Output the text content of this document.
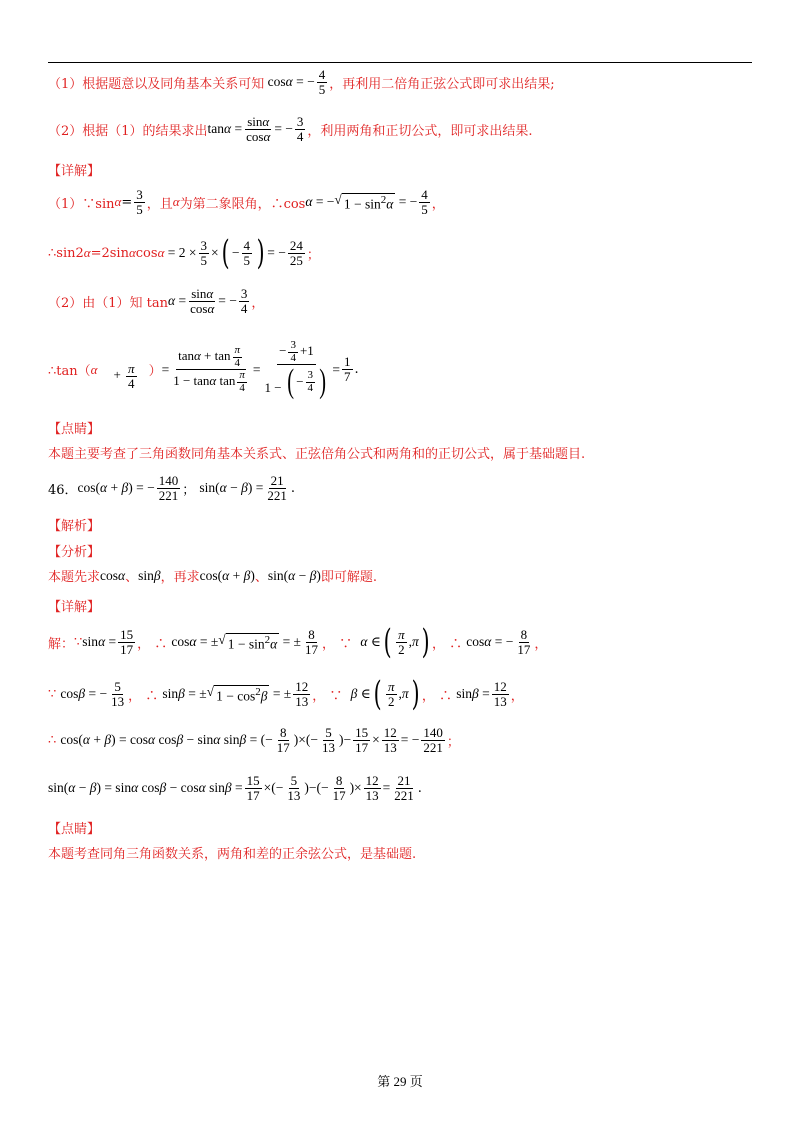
（1）根据题意以及同角基本关系可知 cosα = − $\frac{4}{5}$ ，再利用二倍角正弦公式即可求出结果;
（2）根据（1）的结果求出 $\tan\alpha = \frac{\sin\alpha}{\cos\alpha}$ = − $\frac{3}{4}$ ，利用两角和正切公式，即可求出结果.
【详解】
（1）∵sin $\alpha = \frac{3}{5}$ ，且 α 为第二象限角，∴cos α = − √ $1 - \sin^2\alpha$ = − $\frac{4}{5}$ ，
∴sin2 α =2sin α $\cos \alpha = 2 \times \frac{3}{5}$ × ( − $\frac{4}{5}$ ) = − $\frac{24}{25}$ ；
（2）由（1）知 $\tan \alpha = \frac{\sin\alpha}{\cos\alpha}$ = − $\frac{3}{4}$ ，
∴tan（ α
+ $\frac{\pi}{4}$ ） = $\frac{\tan\alpha + \tan \frac{\pi}{4}}{1 - \tan\alpha \tan \frac{\pi}{4}} = \frac{- \frac{3}{4} +1}{1 - ( - \frac{3}{4} )} = \frac{1}{7}$ .
【点睛】
本题主要考查了三角函数同角基本关系式、正弦倍角公式和两角和的正切公式，属于基础题目.
46． cos(α + β) = − $\frac{140}{221}$ ； $\sin(\alpha - \beta) = \frac{21}{221}$ .
【解析】
【分析】
本题先求 cosα 、 sinβ ，再求 cos(α + β) 、 sin(α − β) 即可解题.
【详解】
解： ∵ $\sin\alpha = \frac{15}{17}$ ， ∴ cosα = ± √ $1 - \sin^2\alpha$ = ± $\frac{8}{17}$ ， ∵ α ∈ ( $\frac{\pi}{2} ,\pi$ ) ， ∴ cosα = − $\frac{8}{17}$ ，
∵ cosβ = − $\frac{5}{13}$ ， ∴ sinβ = ± √ $1 - \cos^2\beta$ = ± $\frac{12}{13}$ ， ∵ β ∈ ( $\frac{\pi}{2} ,\pi$ ) ， ∴ $\sin\beta = \frac{12}{13}$ ，
∴ cos(α + β) = cosα cosβ − sinα sinβ = (− $\frac{8}{17}$ )×(− $\frac{5}{13}$ )− $\frac{15}{17} \times \frac{12}{13}$ = − $\frac{140}{221}$ ；
sin(α − β) = sinα cosβ − cosα $\sin\beta = \frac{15}{17}$ ×(− $\frac{5}{13}$ )−(− $\frac{8}{17}$ )× $\frac{12}{13} = \frac{21}{221}$ .
【点睛】
本题考查同角三角函数关系，两角和差的正余弦公式，是基础题.
第 29 页
